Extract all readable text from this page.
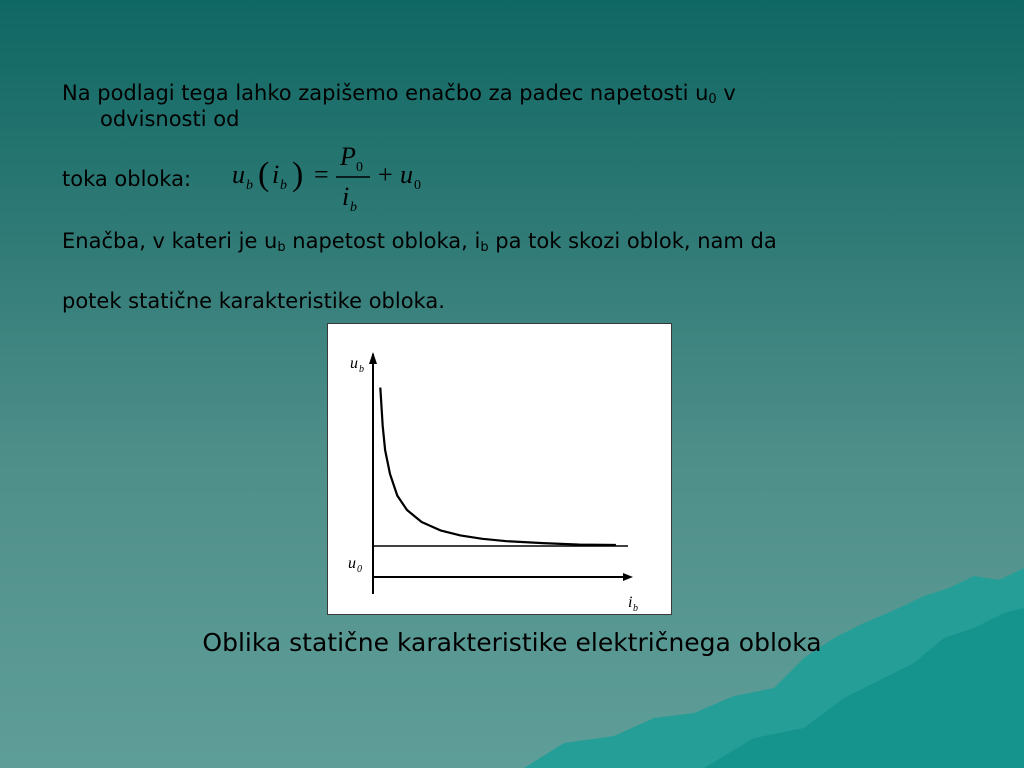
Na podlagi tega lahko zapišemo enačbo za padec napetosti $u_0$ v
odvisnosti od

toka obloka: u b ( i b ) =
P 0
i b
+ u 0

Enačba, v kateri je $u_b$ napetost obloka, $i_b$ pa tok skozi oblok, nam da

potek statične karakteristike obloka.

u b
u 0
i b

Oblika statične karakteristike električnega obloka
